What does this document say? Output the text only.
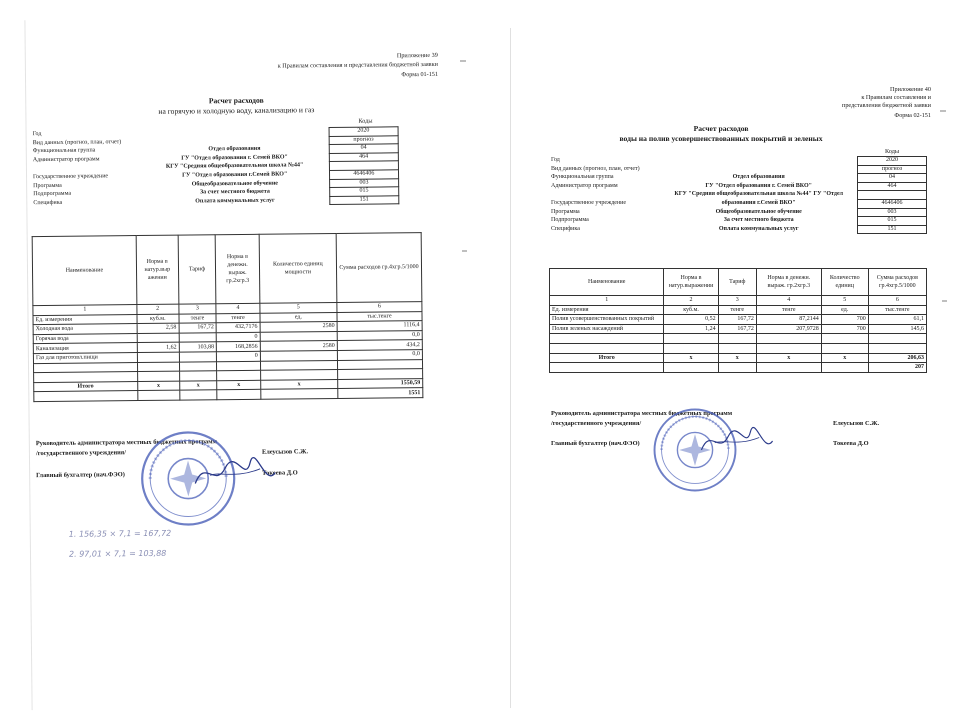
Приложение 39
к Правилам составления и представления бюджетной заявки
Форма 01-151
Расчет расходов
на горячую и холодную воду, канализацию и газ
Коды
Год		2020
Вид данных (прогноз, план, отчет)		прогноз
Функциональная группа	Отдел образования	04
Администратор программ	ГУ "Отдел образования г. Семей ВКО"	464
	КГУ "Средняя общеобразовательная школа №44"	
Государственное учреждение	ГУ "Отдел образования г.Семей ВКО"	4646406
Программа	Общеобразовательное обучение	003
Подпрограмма	За счет местного бюджета	015
Специфика	Оплата коммунальных услуг	151
Наименование	Норма в натур.выр ажении	Тариф	Норма в денежн. выраж. гр.2хгр.3	Количество единиц мощности	Сумма расходов гр.4хгр.5/1000
1	2	3	4	5	6
Ед. измерения	куб.м.	тенге	тенге	ед.	тыс.тенге
Холодная вода	2,58	167,72	432,7176	2580	1116,4
Горячая вода			0		0,0
Канализация	1,62	103,88	168,2856	2580	434,2
Газ для приготовл.пищи			0		0,0

Итого	х	х	х	х	1550,59
					1551
Руководитель администратора местных бюджетных программ
/государственного учреждения/	Елеусызов С.Ж.
Главный бухгалтер (нач.ФЭО)	Токеева Д.О
1. 156,35 × 7,1 = 167,72
2. 97,01 × 7,1 = 103,88
Приложение 40
к Правилам составления и
представления бюджетной заявки
Форма 02-151
Расчет расходов
воды на полив усовершенствованных покрытий и зеленых
Коды
Год		2020
Вид данных (прогноз, план, отчет)		прогноз
Функциональная группа	Отдел образования	04
Администратор программ	ГУ "Отдел образования г. Семей ВКО"	464
	КГУ "Средняя общеобразовательная школа №44" ГУ "Отдел	
Государственное учреждение	образования г.Семей ВКО"	4646406
Программа	Общеобразовательное обучение	003
Подпрограмма	За счет местного бюджета	015
Специфика	Оплата коммунальных услуг	151
Наименование	Норма в натур.выражении	Тариф	Норма в денежн. выраж. гр.2хгр.3	Количество единиц	Сумма расходов гр.4хгр.5/1000
1	2	3	4	5	6
Ед. измерения	куб.м.	тенге	тенге	ед.	тыс.тенге
Полив усовершенствованных покрытий	0,52	167,72	87,2144	700	61,1
Полив зеленых насаждений	1,24	167,72	207,9728	700	145,6

Итого	х	х	х	х	206,63
					207
Руководитель администратора местных бюджетных программ
/государственного учреждения/	Елеусызов С.Ж.
Главный бухгалтер (нач.ФЭО)	Токеева Д.О
